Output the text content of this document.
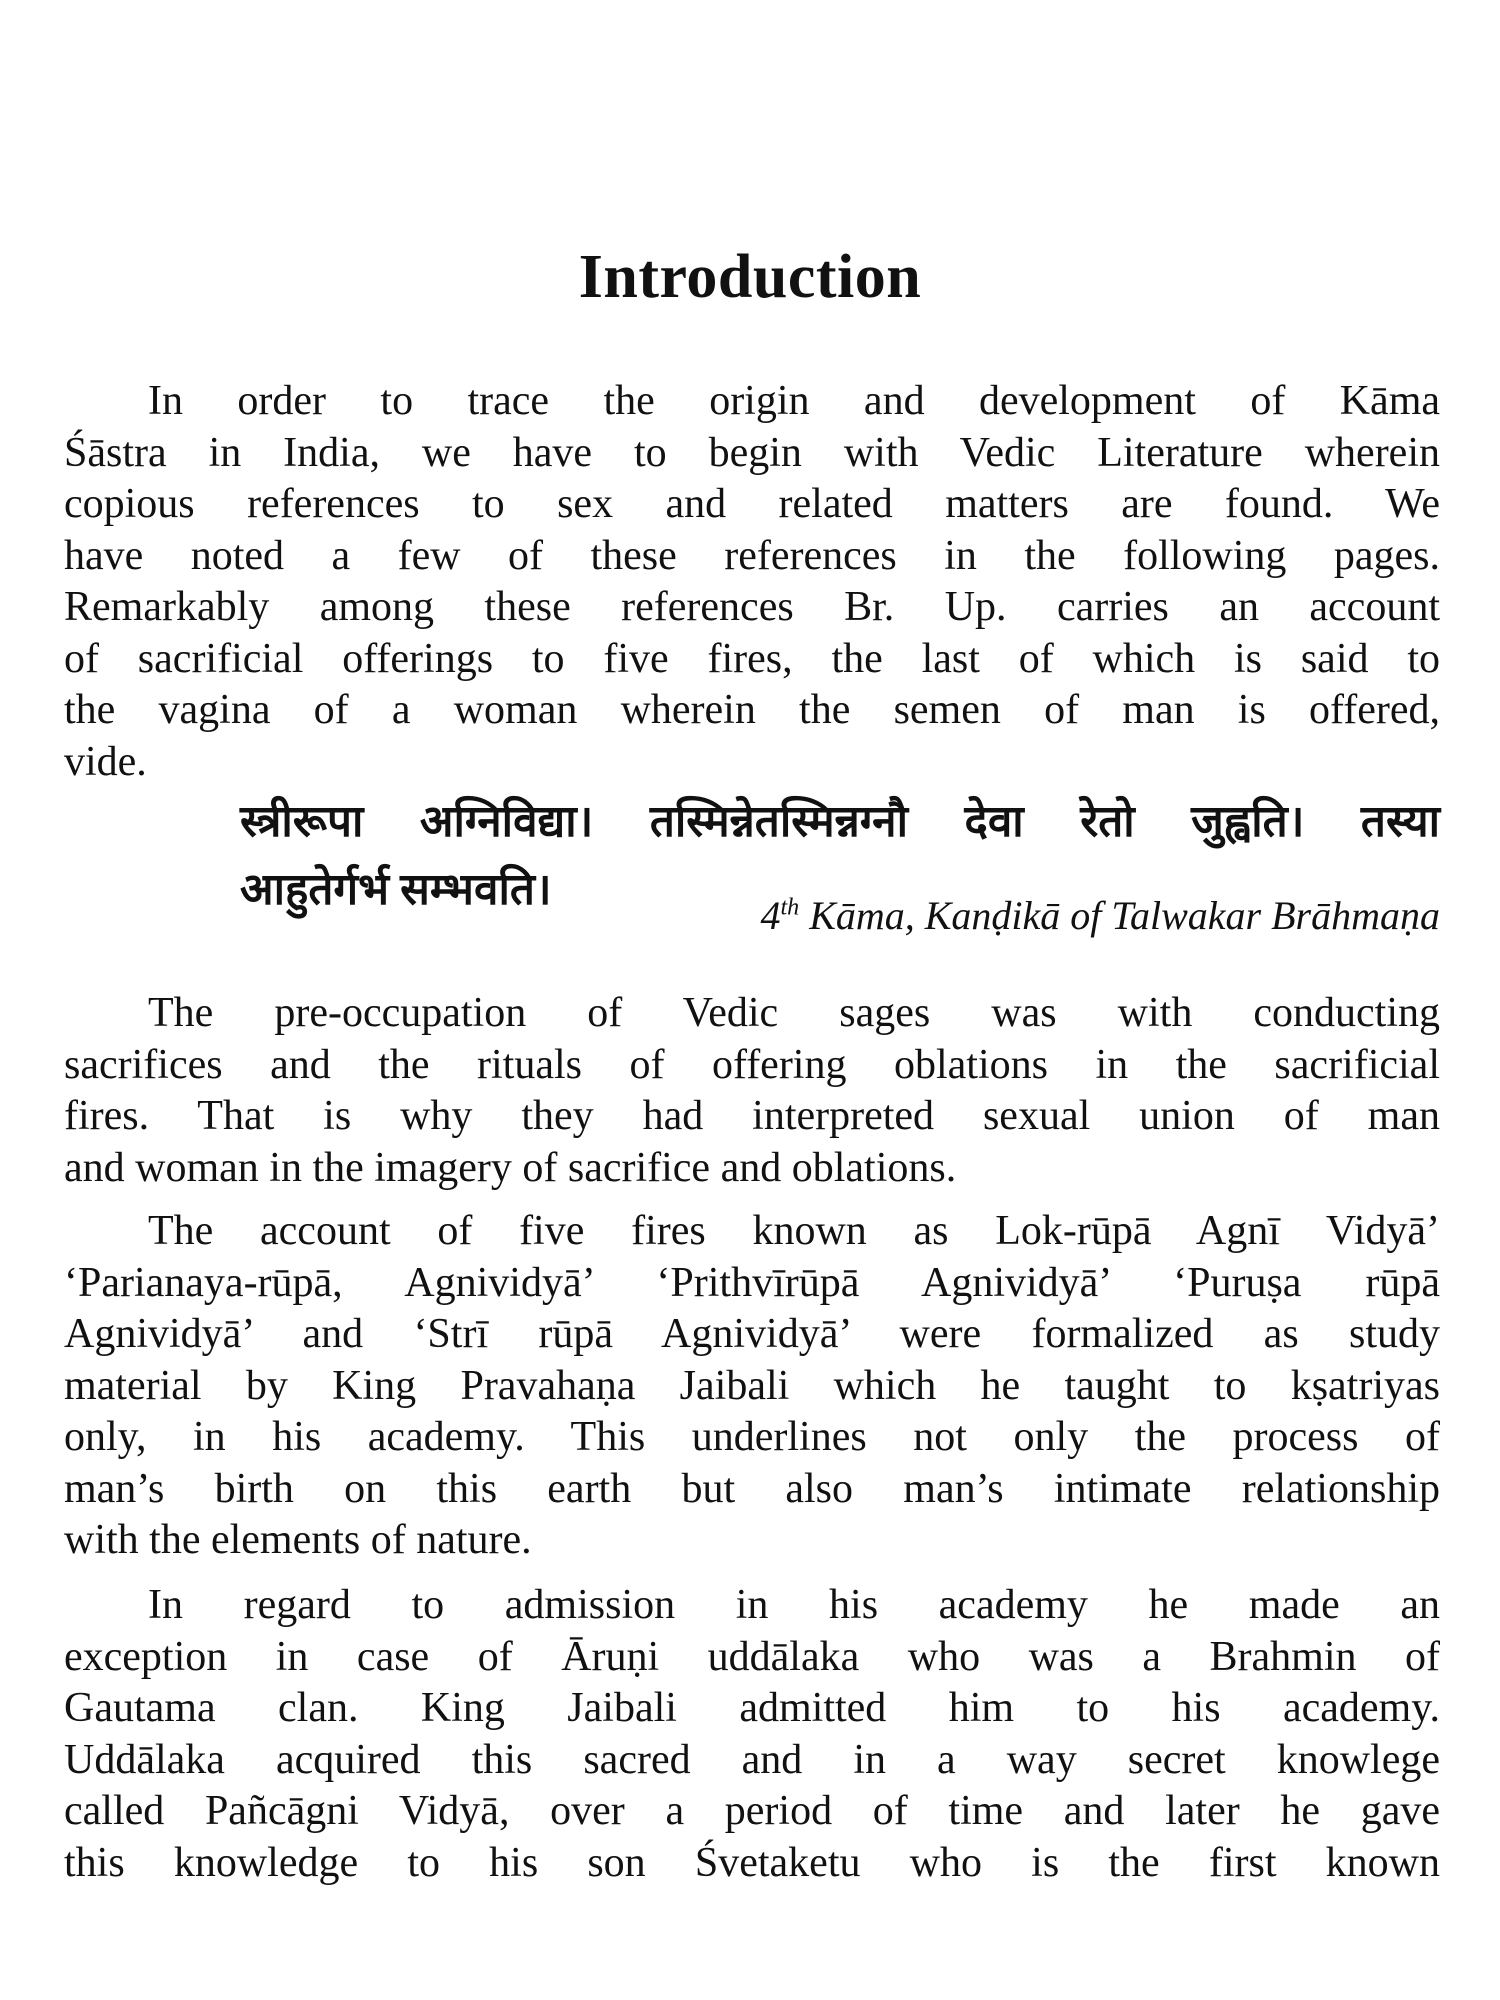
Introduction
In order to trace the origin and development of Kāma
Śāstra in India, we have to begin with Vedic Literature wherein
copious references to sex and related matters are found. We
have noted a few of these references in the following pages.
Remarkably among these references Br. Up. carries an account
of sacrificial offerings to five fires, the last of which is said to
the vagina of a woman wherein the semen of man is offered,
vide.
स्त्रीरूपा अग्निविद्या। तस्मिन्नेतस्मिन्नग्नौ देवा रेतो जुह्वति। तस्या
आहुतेर्गर्भ सम्भवति।

4th Kāma, Kanḍikā of Talwakar Brāhmaṇa

The pre-occupation of Vedic sages was with conducting
sacrifices and the rituals of offering oblations in the sacrificial
fires. That is why they had interpreted sexual union of man
and woman in the imagery of sacrifice and oblations.
The account of five fires known as Lok-rūpā Agnī Vidyā’
‘Parianaya-rūpā, Agnividyā’ ‘Prithvīrūpā Agnividyā’ ‘Puruṣa rūpā
Agnividyā’ and ‘Strī rūpā Agnividyā’ were formalized as study
material by King Pravahaṇa Jaibali which he taught to kṣatriyas
only, in his academy. This underlines not only the process of
man’s birth on this earth but also man’s intimate relationship
with the elements of nature.
In regard to admission in his academy he made an
exception in case of Āruṇi uddālaka who was a Brahmin of
Gautama clan. King Jaibali admitted him to his academy.
Uddālaka acquired this sacred and in a way secret knowlege
called Pañcāgni Vidyā, over a period of time and later he gave
this knowledge to his son Śvetaketu who is the first known
